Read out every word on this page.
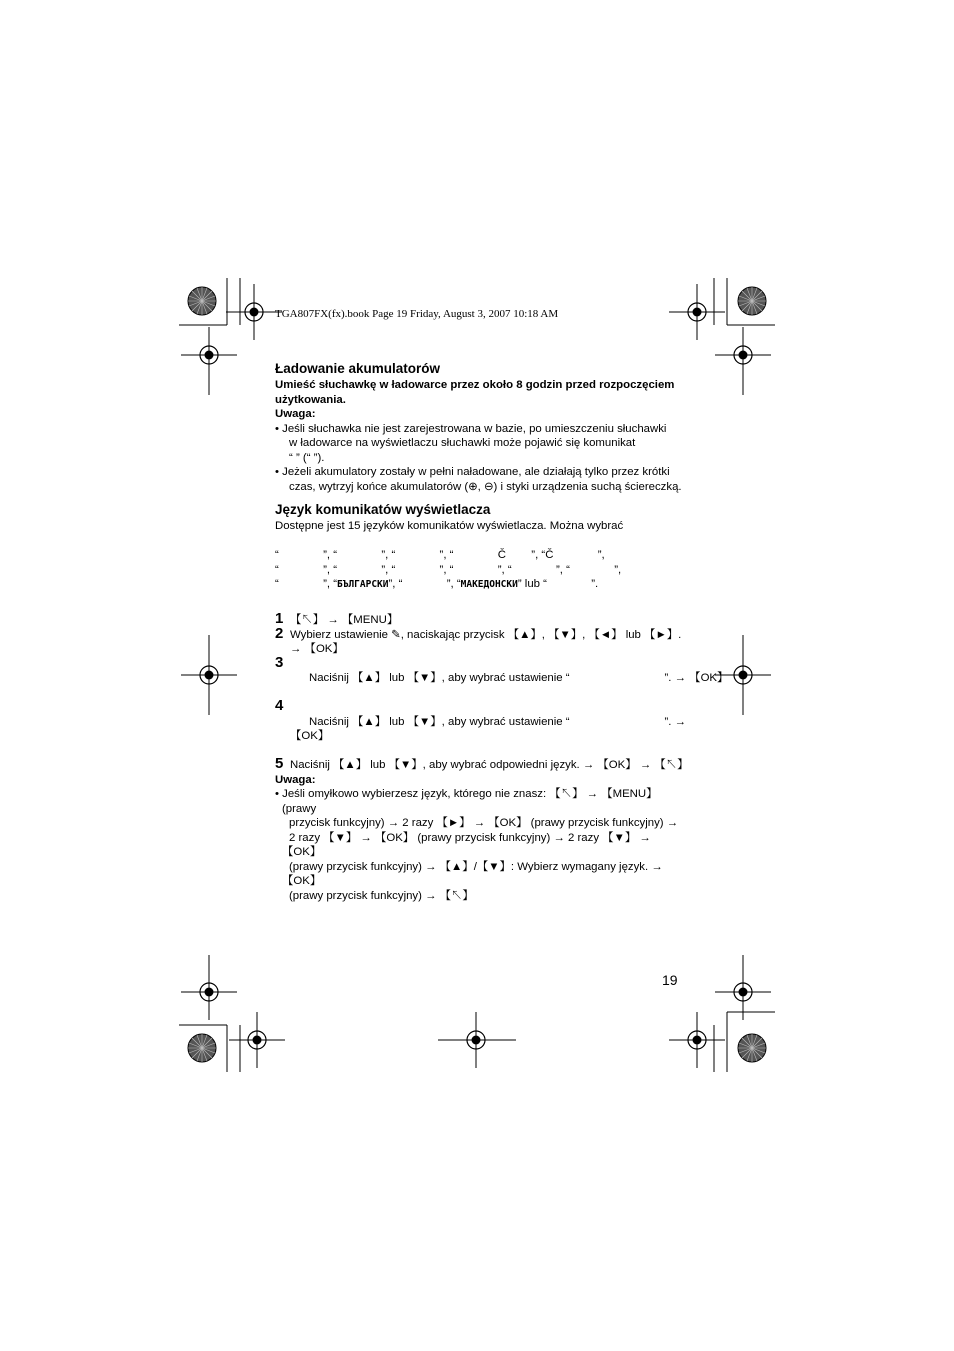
TGA807FX(fx).book Page 19 Friday, August 3, 2007 10:18 AM
Ładowanie akumulatorów

Umieść słuchawkę w ładowarce przez około 8 godzin przed rozpoczęciem
użytkowania.

Uwaga:

• Jeśli słuchawka nie jest zarejestrowana w bazie, po umieszczeniu słuchawki
w ładowarce na wyświetlaczu słuchawki może pojawić się komunikat
“ ” (“ ”).

• Jeżeli akumulatory zostały w pełni naładowane, ale działają tylko przez krótki
czas, wytrzyj końce akumulatorów (⊕, ⊖) i styki urządzenia suchą ściereczką.

Język komunikatów wyświetlacza

Dostępne jest 15 języków komunikatów wyświetlacza. Można wybrać

“              ”, “              ”, “              ”, “              Č        ”, “Č              ”,
“              ”, “              ”, “              ”, “              ”, “              ”, “              ”,
“              ”, “БЪЛГАРСКИ”, “              ”, “МАКЕДОНСКИ” lub “              ”.

1 【↖】 → 【MENU】
2 Wybierz ustawienie ✎, naciskając przycisk 【▲】, 【▼】, 【◄】 lub 【►】. → 【OK】

3
Naciśnij 【▲】 lub 【▼】, aby wybrać ustawienie “                              ”. → 【OK】

4
Naciśnij 【▲】 lub 【▼】, aby wybrać ustawienie “                              ”. →
【OK】

5 Naciśnij 【▲】 lub 【▼】, aby wybrać odpowiedni język. → 【OK】 → 【↖】

Uwaga:

• Jeśli omyłkowo wybierzesz język, którego nie znasz: 【↖】 → 【MENU】 (prawy
przycisk funkcyjny) → 2 razy 【►】 → 【OK】 (prawy przycisk funkcyjny) →
2 razy 【▼】 → 【OK】 (prawy przycisk funkcyjny) → 2 razy 【▼】 → 【OK】
(prawy przycisk funkcyjny) → 【▲】/【▼】: Wybierz wymagany język. → 【OK】
(prawy przycisk funkcyjny) → 【↖】

19
